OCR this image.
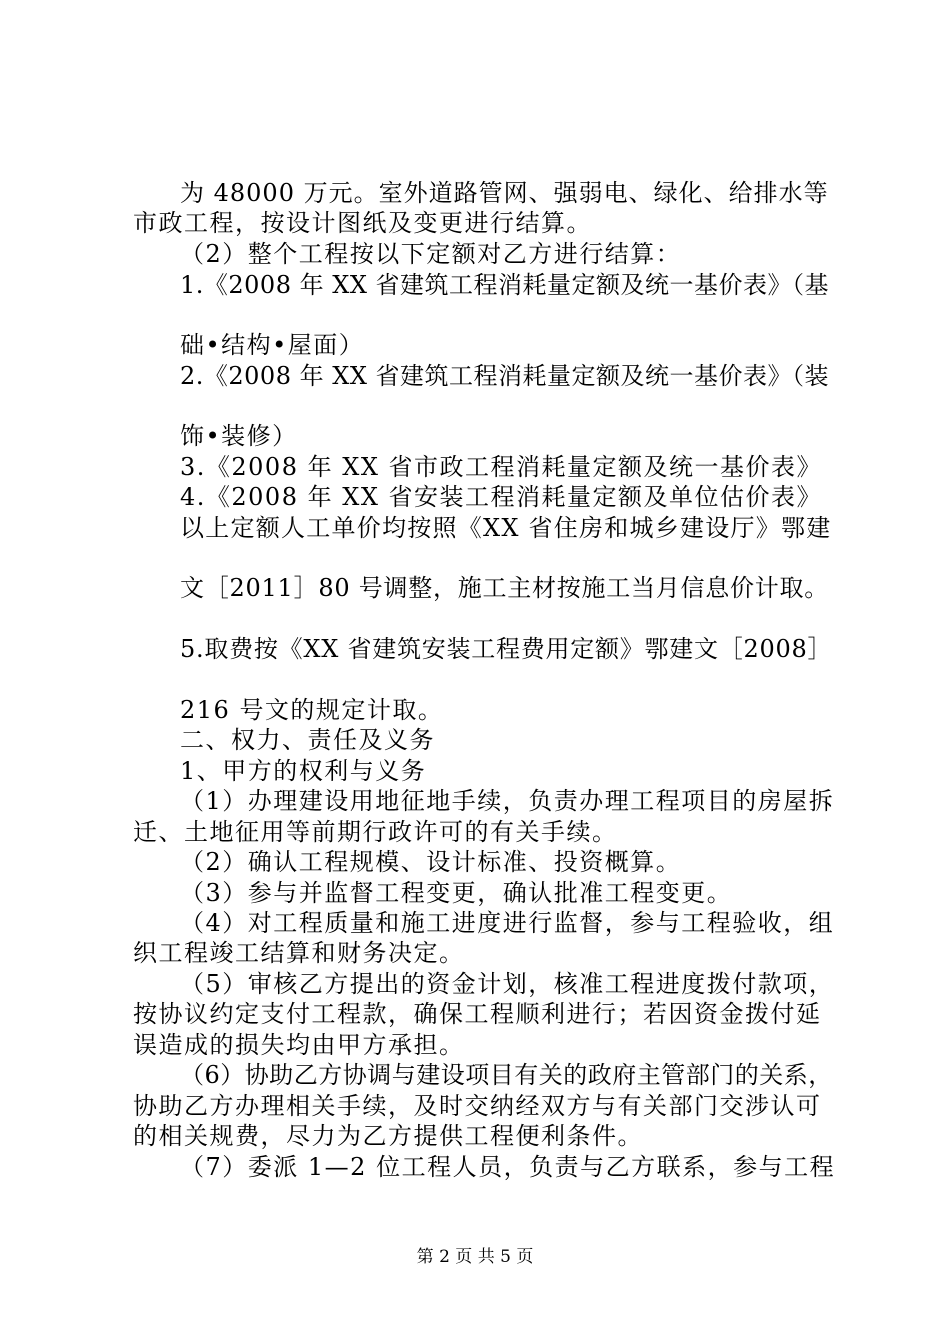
为 48000 万元。室外道路管网、强弱电、绿化、给排水等
市政工程，按设计图纸及变更进行结算。
（2）整个工程按以下定额对乙方进行结算：
1.《2008 年 XX 省建筑工程消耗量定额及统一基价表》（基
础•结构•屋面）
2.《2008 年 XX 省建筑工程消耗量定额及统一基价表》（装
饰•装修）
3.《2008 年 XX 省市政工程消耗量定额及统一基价表》
4.《2008 年 XX 省安装工程消耗量定额及单位估价表》
以上定额人工单价均按照《XX 省住房和城乡建设厅》鄂建
文［2011］80 号调整，施工主材按施工当月信息价计取。
5.取费按《XX 省建筑安装工程费用定额》鄂建文［2008］
216 号文的规定计取。
二、权力、责任及义务
1、甲方的权利与义务
（1）办理建设用地征地手续，负责办理工程项目的房屋拆
迁、土地征用等前期行政许可的有关手续。
（2）确认工程规模、设计标准、投资概算。
（3）参与并监督工程变更，确认批准工程变更。
（4）对工程质量和施工进度进行监督，参与工程验收，组
织工程竣工结算和财务决定。
（5）审核乙方提出的资金计划，核准工程进度拨付款项，
按协议约定支付工程款，确保工程顺利进行；若因资金拨付延
误造成的损失均由甲方承担。
（6）协助乙方协调与建设项目有关的政府主管部门的关系，
协助乙方办理相关手续，及时交纳经双方与有关部门交涉认可
的相关规费，尽力为乙方提供工程便利条件。
（7）委派 1—2 位工程人员，负责与乙方联系，参与工程
第 2 页 共 5 页
